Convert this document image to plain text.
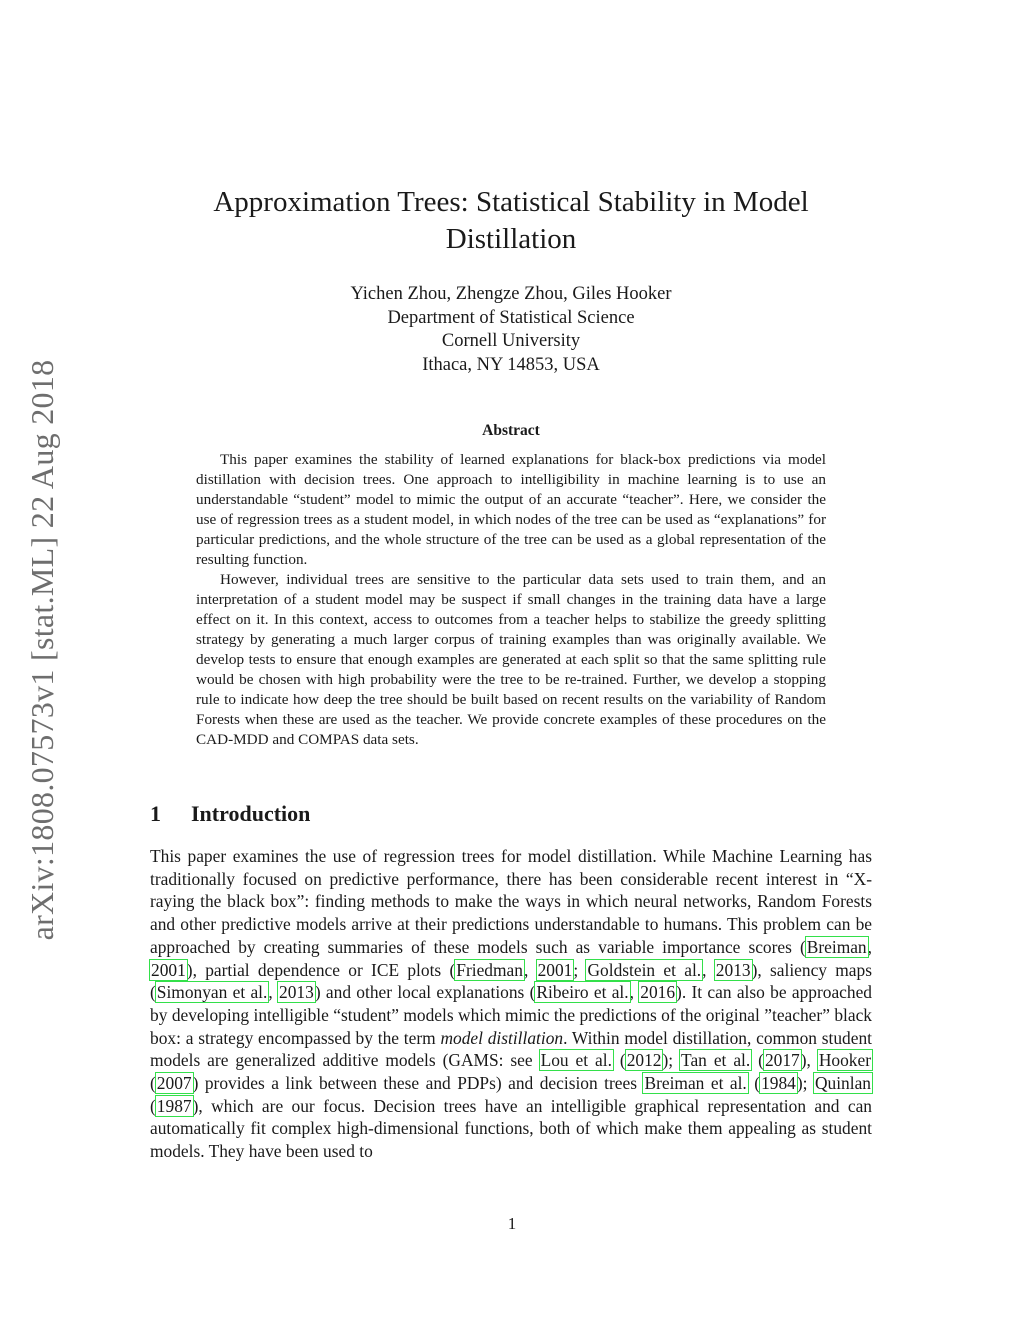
arXiv:1808.07573v1 [stat.ML] 22 Aug 2018
Approximation Trees: Statistical Stability in Model
Distillation
Yichen Zhou, Zhengze Zhou, Giles Hooker
Department of Statistical Science
Cornell University
Ithaca, NY 14853, USA
Abstract

This paper examines the stability of learned explanations for black-box predictions via model distillation with decision trees. One approach to intelligibility in machine learning is to use an understandable “student” model to mimic the output of an accurate “teacher”. Here, we consider the use of regression trees as a student model, in which nodes of the tree can be used as “explanations” for particular predictions, and the whole structure of the tree can be used as a global representation of the resulting function.

However, individual trees are sensitive to the particular data sets used to train them, and an interpretation of a student model may be suspect if small changes in the training data have a large effect on it. In this context, access to outcomes from a teacher helps to stabilize the greedy splitting strategy by generating a much larger corpus of training examples than was originally available. We develop tests to ensure that enough examples are generated at each split so that the same splitting rule would be chosen with high probability were the tree to be re-trained. Further, we develop a stopping rule to indicate how deep the tree should be built based on recent results on the variability of Random Forests when these are used as the teacher. We provide concrete examples of these procedures on the CAD-MDD and COMPAS data sets.

1 Introduction

This paper examines the use of regression trees for model distillation. While Machine Learning has traditionally focused on predictive performance, there has been considerable recent interest in “X-raying the black box”: finding methods to make the ways in which neural networks, Random Forests and other predictive models arrive at their predictions understandable to humans. This problem can be approached by creating summaries of these models such as variable importance scores (Breiman, 2001), partial dependence or ICE plots (Friedman, 2001; Goldstein et al., 2013), saliency maps (Simonyan et al., 2013) and other local explanations (Ribeiro et al., 2016). It can also be approached by developing intelligible “student” models which mimic the predictions of the original ”teacher” black box: a strategy encompassed by the term model distillation. Within model distillation, common student models are generalized additive models (GAMS: see Lou et al. (2012); Tan et al. (2017), Hooker (2007) provides a link between these and PDPs) and decision trees Breiman et al. (1984); Quinlan (1987), which are our focus. Decision trees have an intelligible graphical representation and can automatically fit complex high-dimensional functions, both of which make them appealing as student models. They have been used to

1
